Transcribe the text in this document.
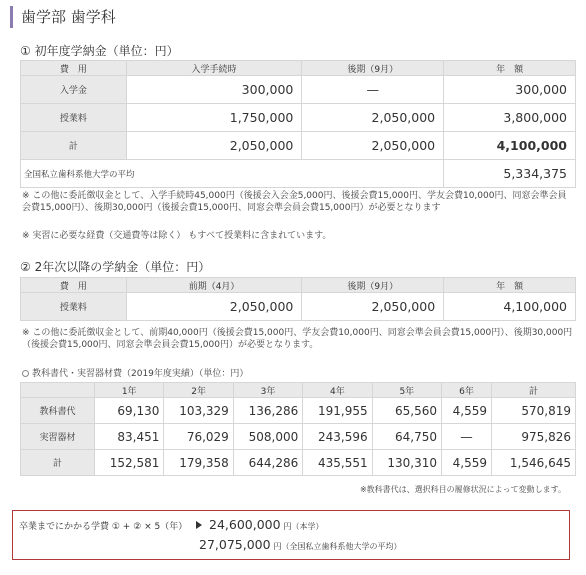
歯学部 歯学科
① 初年度学納金（単位：円）
費　用	入学手続時	後期（9月）	年　額
入学金	300,000	—	300,000
授業料	1,750,000	2,050,000	3,800,000
計	2,050,000	2,050,000	4,100,000
全国私立歯科系他大学の平均			5,334,375
※ この他に委託徴収金として、入学手続時45,000円（後援会入会金5,000円、後援会費15,000円、学友会費10,000円、同窓会準会員会費15,000円）、後期30,000円（後援会費15,000円、同窓会準会員会費15,000円）が必要となります
※ 実習に必要な経費（交通費等は除く） もすべて授業料に含まれています。
② 2年次以降の学納金（単位：円）
費　用	前期（4月）	後期（9月）	年　額
授業料	2,050,000	2,050,000	4,100,000
※ この他に委託徴収金として、前期40,000円（後援会費15,000円、学友会費10,000円、同窓会準会員会費15,000円）、後期30,000円（後援会費15,000円、同窓会準会員会費15,000円）が必要となります。
教科書代・実習器材費（2019年度実績）（単位：円）
	1年	2年	3年	4年	5年	6年	計
教科書代	69,130	103,329	136,286	191,955	65,560	4,559	570,819
実習器材	83,451	76,029	508,000	243,596	64,750	—	975,826
計	152,581	179,358	644,286	435,551	130,310	4,559	1,546,645
※教科書代は、選択科目の履修状況によって変動します。
卒業までにかかる学費 ① + ② × 5（年） 24,600,000 円（本学）
27,075,000 円（全国私立歯科系他大学の平均）
